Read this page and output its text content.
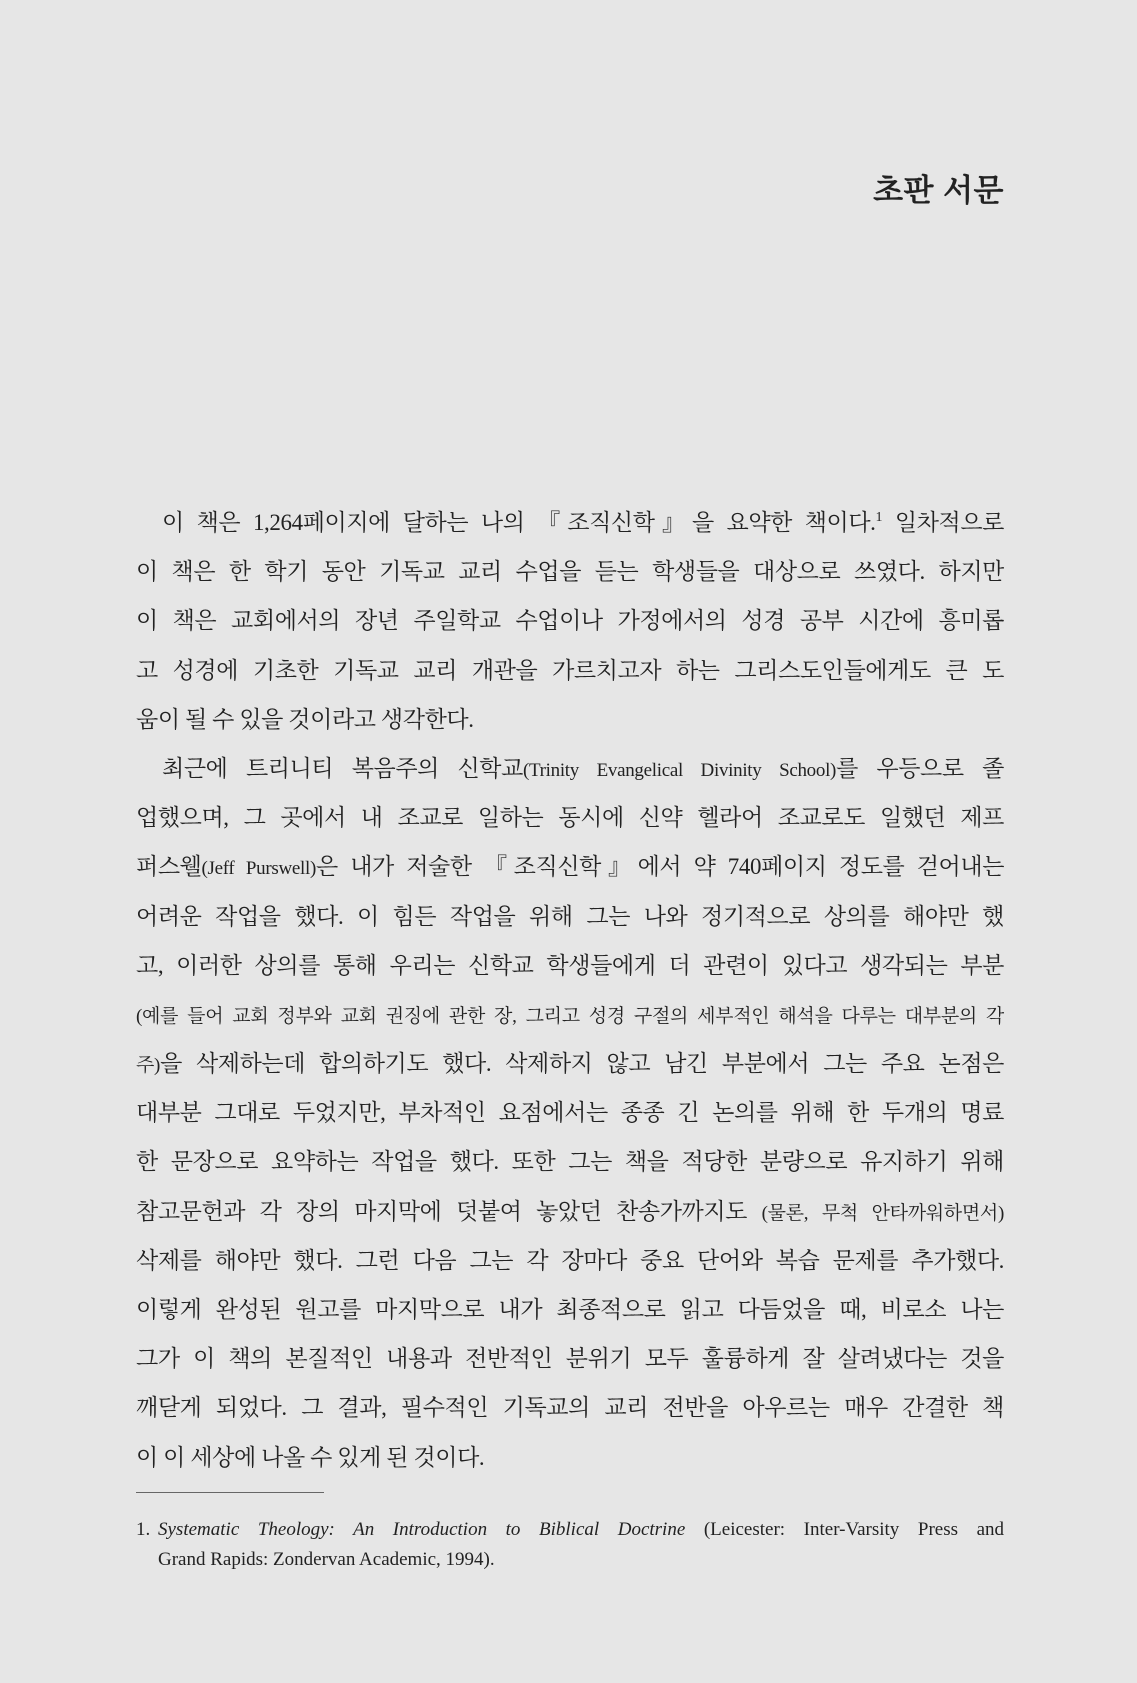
초판 서문
이 책은 1,264페이지에 달하는 나의 『조직신학』을 요약한 책이다.$^1$ 일차적으로
이 책은 한 학기 동안 기독교 교리 수업을 듣는 학생들을 대상으로 쓰였다. 하지만
이 책은 교회에서의 장년 주일학교 수업이나 가정에서의 성경 공부 시간에 흥미롭
고 성경에 기초한 기독교 교리 개관을 가르치고자 하는 그리스도인들에게도 큰 도
움이 될 수 있을 것이라고 생각한다.
최근에 트리니티 복음주의 신학교(Trinity Evangelical Divinity School)를 우등으로 졸
업했으며, 그 곳에서 내 조교로 일하는 동시에 신약 헬라어 조교로도 일했던 제프
퍼스웰(Jeff Purswell)은 내가 저술한 『조직신학』에서 약 740페이지 정도를 걷어내는
어려운 작업을 했다. 이 힘든 작업을 위해 그는 나와 정기적으로 상의를 해야만 했
고, 이러한 상의를 통해 우리는 신학교 학생들에게 더 관련이 있다고 생각되는 부분
(예를 들어 교회 정부와 교회 권징에 관한 장, 그리고 성경 구절의 세부적인 해석을 다루는 대부분의 각
주)을 삭제하는데 합의하기도 했다. 삭제하지 않고 남긴 부분에서 그는 주요 논점은
대부분 그대로 두었지만, 부차적인 요점에서는 종종 긴 논의를 위해 한 두개의 명료
한 문장으로 요약하는 작업을 했다. 또한 그는 책을 적당한 분량으로 유지하기 위해
참고문헌과 각 장의 마지막에 덧붙여 놓았던 찬송가까지도 (물론, 무척 안타까워하면서)
삭제를 해야만 했다. 그런 다음 그는 각 장마다 중요 단어와 복습 문제를 추가했다.
이렇게 완성된 원고를 마지막으로 내가 최종적으로 읽고 다듬었을 때, 비로소 나는
그가 이 책의 본질적인 내용과 전반적인 분위기 모두 훌륭하게 잘 살려냈다는 것을
깨닫게 되었다. 그 결과, 필수적인 기독교의 교리 전반을 아우르는 매우 간결한 책
이 이 세상에 나올 수 있게 된 것이다.
1. Systematic Theology: An Introduction to Biblical Doctrine (Leicester: Inter-Varsity Press and
Grand Rapids: Zondervan Academic, 1994).
